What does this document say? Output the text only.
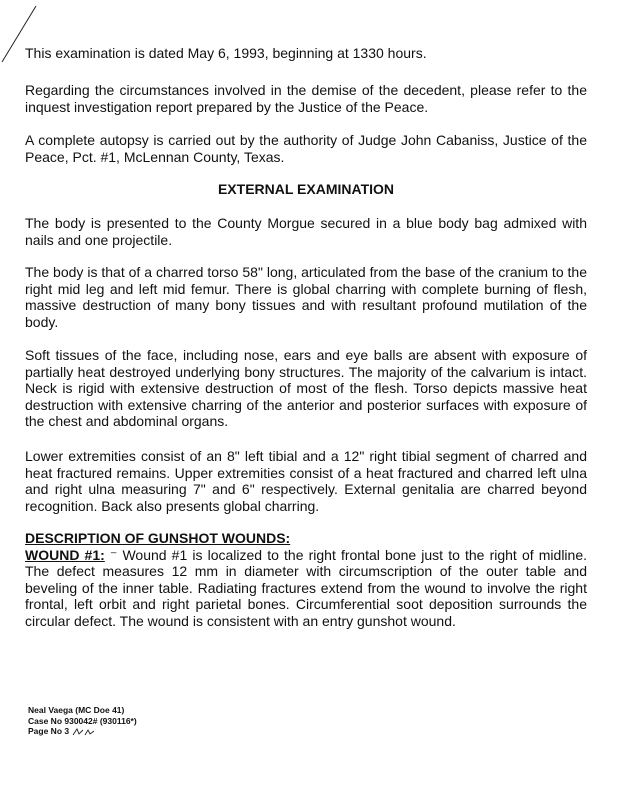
This examination is dated May 6, 1993, beginning at 1330 hours.

Regarding the circumstances involved in the demise of the decedent, please refer to the inquest investigation report prepared by the Justice of the Peace.

A complete autopsy is carried out by the authority of Judge John Cabaniss, Justice of the Peace, Pct. #1, McLennan County, Texas.

EXTERNAL EXAMINATION

The body is presented to the County Morgue secured in a blue body bag admixed with nails and one projectile.

The body is that of a charred torso 58" long, articulated from the base of the cranium to the right mid leg and left mid femur. There is global charring with complete burning of flesh, massive destruction of many bony tissues and with resultant profound mutilation of the body.

Soft tissues of the face, including nose, ears and eye balls are absent with exposure of partially heat destroyed underlying bony structures. The majority of the calvarium is intact. Neck is rigid with extensive destruction of most of the flesh. Torso depicts massive heat destruction with extensive charring of the anterior and posterior surfaces with exposure of the chest and abdominal organs.

Lower extremities consist of an 8" left tibial and a 12" right tibial segment of charred and heat fractured remains. Upper extremities consist of a heat fractured and charred left ulna and right ulna measuring 7" and 6" respectively. External genitalia are charred beyond recognition. Back also presents global charring.

DESCRIPTION OF GUNSHOT WOUNDS:
WOUND #1: ⁻ Wound #1 is localized to the right frontal bone just to the right of midline. The defect measures 12 mm in diameter with circumscription of the outer table and beveling of the inner table. Radiating fractures extend from the wound to involve the right frontal, left orbit and right parietal bones. Circumferential soot deposition surrounds the circular defect. The wound is consistent with an entry gunshot wound.
Neal Vaega (MC Doe 41)
Case No 930042# (930116*)
Page No 3
